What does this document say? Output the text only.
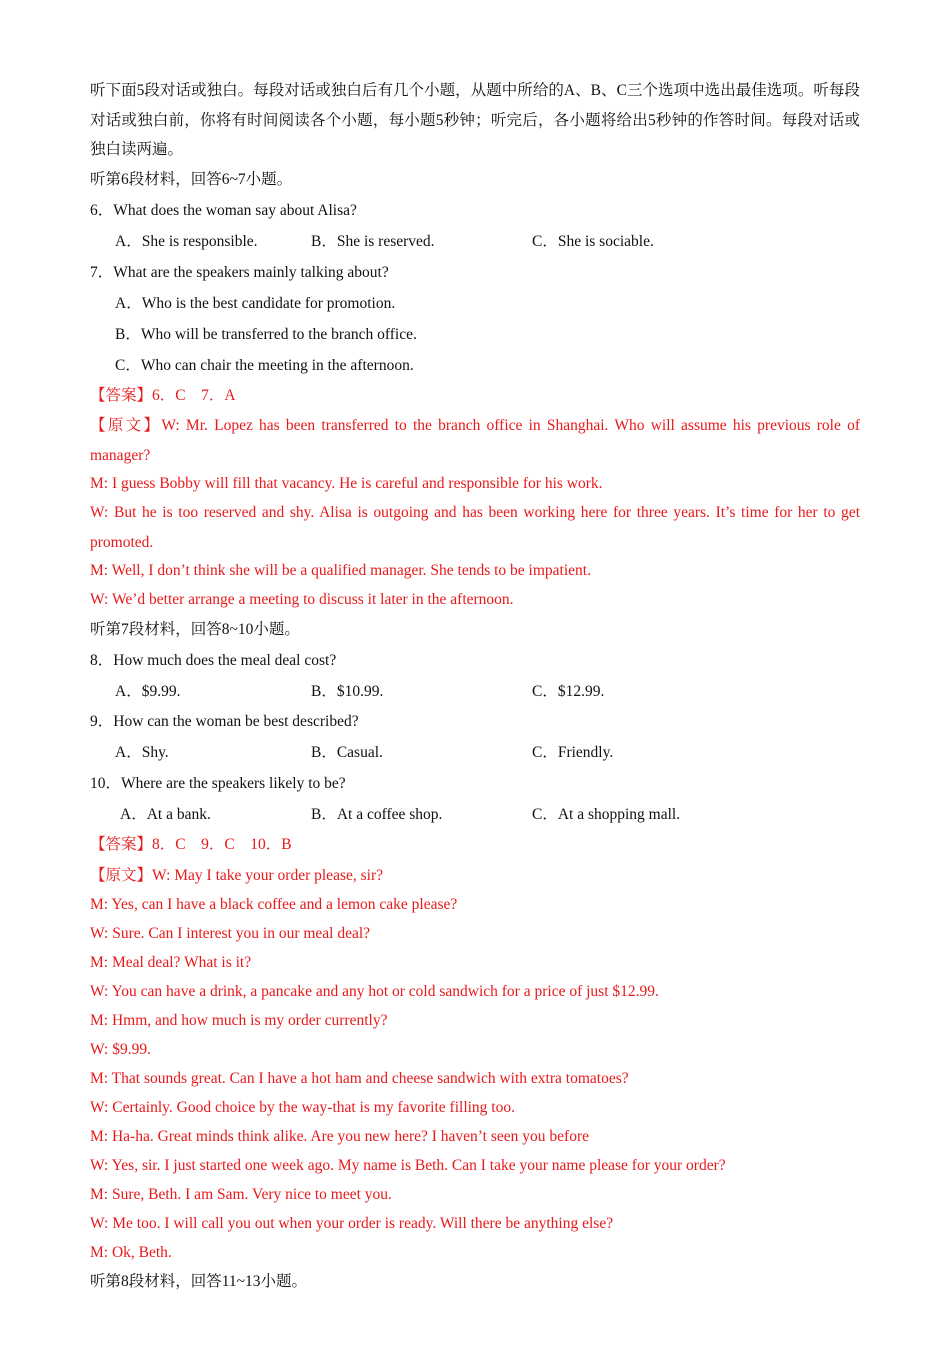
听下面5段对话或独白。每段对话或独白后有几个小题，从题中所给的A、B、C三个选项中选出最佳选项。听每段对话或独白前，你将有时间阅读各个小题，每小题5秒钟；听完后，各小题将给出5秒钟的作答时间。每段对话或独白读两遍。
听第6段材料，回答6~7小题。
6．What does the woman say about Alisa?
A．She is responsible.	B．She is reserved.	C．She is sociable.
7．What are the speakers mainly talking about?
A．Who is the best candidate for promotion.
B．Who will be transferred to the branch office.
C．Who can chair the meeting in the afternoon.
【答案】6．C　7．A
【原文】W: Mr. Lopez has been transferred to the branch office in Shanghai. Who will assume his previous role of manager?
M: I guess Bobby will fill that vacancy. He is careful and responsible for his work.
W: But he is too reserved and shy. Alisa is outgoing and has been working here for three years. It’s time for her to get promoted.
M: Well, I don’t think she will be a qualified manager. She tends to be impatient.
W: We’d better arrange a meeting to discuss it later in the afternoon.
听第7段材料，回答8~10小题。
8．How much does the meal deal cost?
A．$9.99.	B．$10.99.	C．$12.99.
9．How can the woman be best described?
A．Shy.	B．Casual.	C．Friendly.
10．Where are the speakers likely to be?
A．At a bank.	B．At a coffee shop.	C．At a shopping mall.
【答案】8．C　9．C　10．B
【原文】W: May I take your order please, sir?
M: Yes, can I have a black coffee and a lemon cake please?
W: Sure. Can I interest you in our meal deal?
M: Meal deal? What is it?
W: You can have a drink, a pancake and any hot or cold sandwich for a price of just $12.99.
M: Hmm, and how much is my order currently?
W: $9.99.
M: That sounds great. Can I have a hot ham and cheese sandwich with extra tomatoes?
W: Certainly. Good choice by the way-that is my favorite filling too.
M: Ha-ha. Great minds think alike. Are you new here? I haven’t seen you before
W: Yes, sir. I just started one week ago. My name is Beth. Can I take your name please for your order?
M: Sure, Beth. I am Sam. Very nice to meet you.
W: Me too. I will call you out when your order is ready. Will there be anything else?
M: Ok, Beth.
听第8段材料，回答11~13小题。
